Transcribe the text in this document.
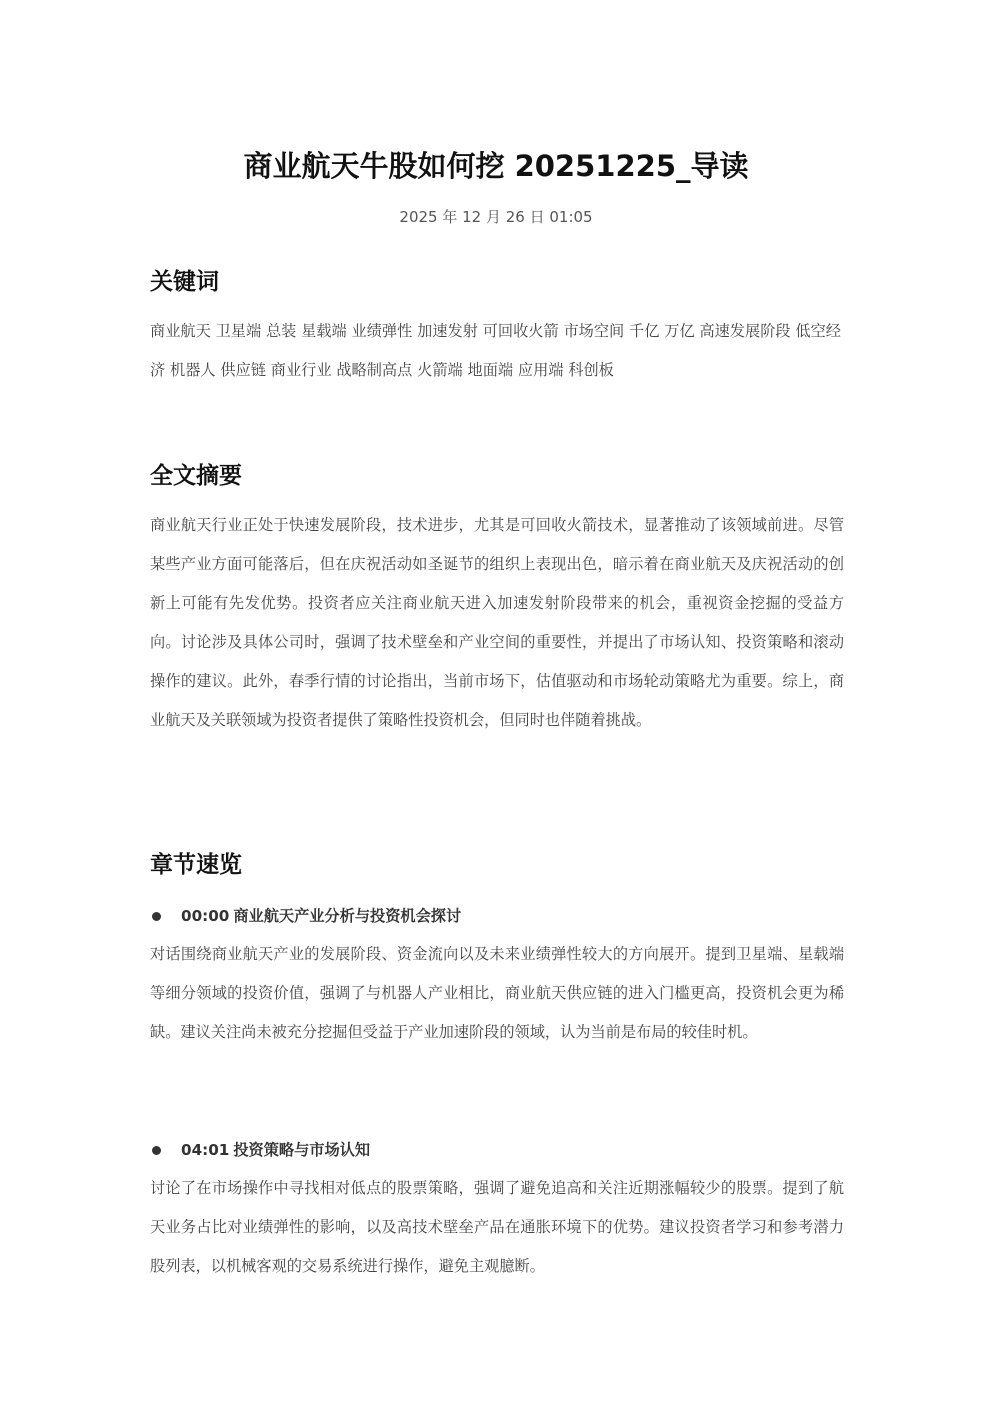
商业航天牛股如何挖 20251225_导读
2025 年 12 月 26 日 01:05
关键词

商业航天 卫星端 总装 星载端 业绩弹性 加速发射 可回收火箭 市场空间 千亿 万亿 高速发展阶段 低空经济 机器人 供应链 商业行业 战略制高点 火箭端 地面端 应用端 科创板

全文摘要

商业航天行业正处于快速发展阶段，技术进步，尤其是可回收火箭技术，显著推动了该领域前进。尽管某些产业方面可能落后，但在庆祝活动如圣诞节的组织上表现出色，暗示着在商业航天及庆祝活动的创新上可能有先发优势。投资者应关注商业航天进入加速发射阶段带来的机会，重视资金挖掘的受益方向。讨论涉及具体公司时，强调了技术壁垒和产业空间的重要性，并提出了市场认知、投资策略和滚动操作的建议。此外，春季行情的讨论指出，当前市场下，估值驱动和市场轮动策略尤为重要。综上，商业航天及关联领域为投资者提供了策略性投资机会，但同时也伴随着挑战。

章节速览
00:00 商业航天产业分析与投资机会探讨

对话围绕商业航天产业的发展阶段、资金流向以及未来业绩弹性较大的方向展开。提到卫星端、星载端等细分领域的投资价值，强调了与机器人产业相比，商业航天供应链的进入门槛更高，投资机会更为稀缺。建议关注尚未被充分挖掘但受益于产业加速阶段的领域，认为当前是布局的较佳时机。

04:01 投资策略与市场认知

讨论了在市场操作中寻找相对低点的股票策略，强调了避免追高和关注近期涨幅较少的股票。提到了航天业务占比对业绩弹性的影响，以及高技术壁垒产品在通胀环境下的优势。建议投资者学习和参考潜力股列表，以机械客观的交易系统进行操作，避免主观臆断。
